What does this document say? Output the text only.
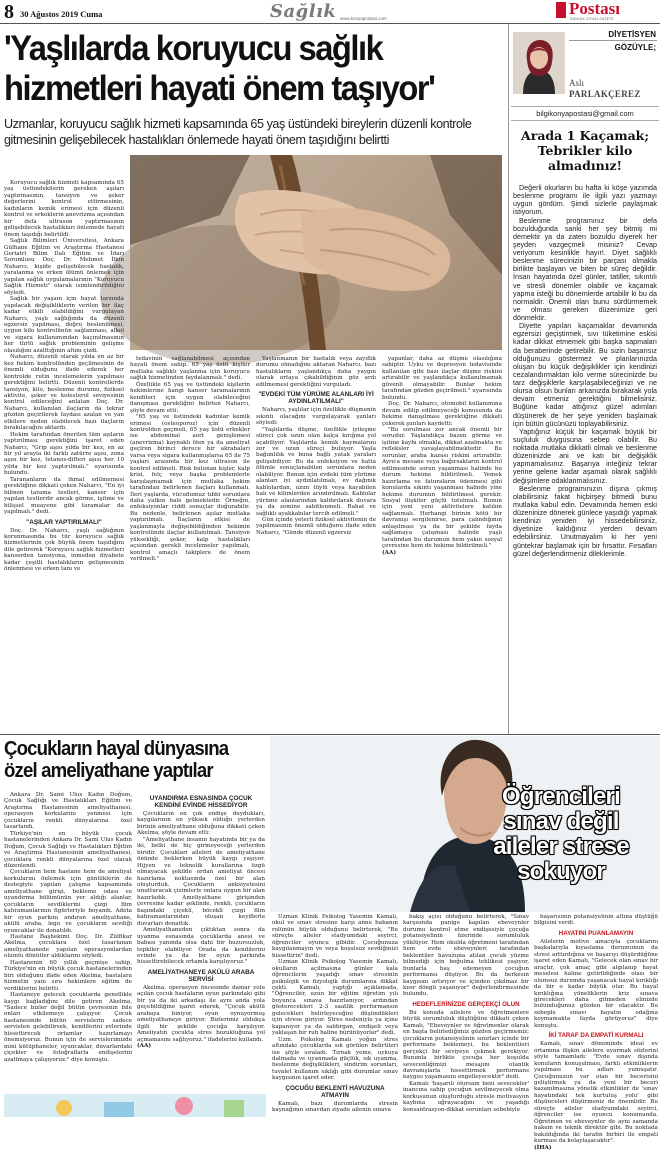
8 30 Ağustos 2019 Cuma	Sağlık www.konyapostasi.com
Postası
GÜNLÜK SİYASİ GAZETE
'Yaşlılarda koruyucu sağlık
hizmetleri hayati önem taşıyor'
Uzmanlar, koruyucu sağlık hizmeti kapsamında 65 yaş üstündeki bireylerin düzenli kontrole gitmesinin gelişebilecek hastalıkları önlemede hayati önem taşıdığını belirtti

Koruyucu sağlık hizmeti kapsamında 65 yaş üstündekilerin gereken aşıları yaptırmasının, tansiyon ve şeker değerlerini kontrol ettirmesinin, kadınların kemik erimesi için düzenli kontrol ve erkeklerin anevrizma açısından bir defa ultrason yaptırmasının gelişebilecek hastalıkları önlemede hayati önem taşıdığı belirtildi.

Sağlık Bilimleri Üniversitesi, Ankara Gülhane Eğitim ve Araştırma Hastanesi Geriatri Bilim Dalı Eğitim ve İdari Sorumlusu Doç. Dr. Mehmet İlkin Naharcı, kişide gelişebilecek hastalık, yaralanma ve erken ölümü önlemek için yapılan sağlık uygulamalarının "Koruyucu Sağlık Hizmeti" olarak isimlendirildiğini söyledi.

Sağlık bir yaşam için hayat tarzında yapılacak değişikliklerin verilen bir ilaç kadar etkili olabildiğini vurgulayan Naharcı, yaşlı sağlığında da düzenli egzersiz yapılması, doğru beslenilmesi, uygun kilo kontrolünün sağlanması, alkol ve sigara kullanımından kaçınılmasının her türlü sağlık probleminin gelişme olasılığını azalttığının altını çizdi.

Naharcı, düzenli olarak yılda en az bir kez hekim kontrolünden geçilmesinin de önemli olduğunu ifade ederek her kontrolde rutin incelemelerin yapılması gerektiğini belirtti. Düzenli kontrollerde tansiyon, kilo, beslenme durumu, fiziksel aktivite, şeker ve kolesterol seviyesinin kontrol edileceğini anlatan Doç. Dr. Naharcı, kullanılan ilaçların da tekrar gözden geçirilerek faydası azalan ve yan etkilere neden olabilecek bazı ilaçların bırakılacağını aktardı.

Hekim tarafından önerilen tüm aşıların yaptırılması gerektiğini işaret eden Naharcı, "Grip aşısı yılda bir kez, en az bir yıl arayla iki farklı zatürre aşısı, zona aşısı bir kez, tetanos-difteri aşısı her 10 yılda bir kez yaptırılmalı." uyarısında bulundu.

Tarananların da ihmal edilmemesi gerektiğine dikkati çeken Naharcı, "En iyi bilinen tarama testleri, kanser için yapılan testlerdir ancak görme, işitme ve bilişsel muayene gibi taramalar da yapılmalı." dedi.

"AŞILAR YAPTIRILMALI"

Doç. Dr. Naharcı, yaşlı sağlığının korunmasında bu tür koruyucu sağlık hizmetlerinin çok büyük önem taşıdığını dile getirerek "Koruyucu sağlık hizmetleri kanserden tansiyona, inmeden diyabete kadar çeşitli hastalıkların gelişmesinin önlenmesi ve erken tanı ve

tedavinin sağlanabilmesi açısından hayati önem sahip. 65 yaş üstü kişiler mutlaka sağlıklı yaşlanma için koruyucu sağlık hizmetinden faydalanmalı." dedi.

Özellikle 65 yaş ve üstündeki kişilerin hekimlerine hangi kanser taramalarının kendileri için uygun olabileceğini danışması gerektiğini belirten Naharcı, şöyle devam etti:

"65 yaş ve üstündeki kadınlar kemik erimesi (osteoporoz) için düzenli kontrolden geçmeli, 65 yaş üstü erkekler ise abdominal aort genişlemesi (anevrizma) kaynaklı ölen ya da ameliyat geçiren birinci derece bir akrabaları varsa veya sigara kullanmışlarsa 65 ile 75 yaşları arasında bir kez ultrason ile kontrol edilmeli. Risk bulunan kişler, kalp krizi, felç veya başka problemlerle karşılaşmamak için mutlaka hekim tarafından belirlenen ilaçları kullanmalı. İleri yaşlarda, vücudumuz tıbbi sorunlara daha yatkın hale gelmektedir. Örneğin, enfeksiyonlar ciddi sonuçlar doğurabilir. Bu nedenle, belirlenen aşılar mutlaka yaptırılmalı. İlaçların etkisi de yaşlanmayla değişebildiğinden hekimin kontrolünde ilaçlar kullanılmalı. Tansiyon yüksekliği, şeker, kalp hastalıkları açısından gerekli incelemeler yapılmalı, kontrol amaçlı takiplere de önem verilmeli."

Yaşlanmanın bir hastalık veya zayıflık durumu olmadığını aktaran Naharcı, bazı hastalıkların yaşlandıkça daha yaygın olarak ortaya çıkabildiğinin göz ardı edilmemesi gerektiğini vurguladı.

"EVDEKİ TÜM YÜRÜME ALANLARI İYİ AYDINLATILMALI"

Naharcı, yaşlılar için özellikle düşmenin sıkıntı olacağını vurgulayarak şunları söyledi:

"Yaşlılarda düşme, özellikle iyileşme süreci çok uzun olan kalça kırığına yol açabiliyor. Yaşlılarda kemik kaymalarını zor ve uzun süreçi buluyor. Yaşla bağımlılık ve buna bağlı yatak yaraları gelişebiliyor. Bu da enfeksiyon ve hatta ölümle sonuçlanabilen sorunlara neden olabiliyor. Bunun için evdeki tüm yürüme alanları iyi aydınlatılmalı, ev dağınık kablolardan, uzun tüylü veya kayabilen halı ve kilimlerden arındırılmalı. Kablolar yürüme alanlarından kaldırılarak duvara ya da zemine sabitlenmeli. Rahat ve sağlıklı ayakkabılar tercih edilmeli."

Gün içinde yeterli fiziksel aktivitenin de yapılmasının önemli olduğunu ifade eden Naharcı, "Günde düzenli egzersiz

yapanlar, daha az düşme olasılığına sahiptir. Uyku ve depresyon tedavisinde kullanılan gibi bazı ilaçlar düşme riskini artırabilir ve yaşlandıkça kullanılmamak güvenli olmayabilir. Bunlar hekim tarafından gözden geçirilmeli." uyarısında bulundu.

Doç. Dr. Naharcı, otomobil kullanımına devam edilip edilmeyeceği konusunda da hekime danışılması gerektiğine dikkati çekerek şunları kaydetti:

"Bu sorulması zor ancak önemli bir sorudur. Yaşlandıkça bazen görme ve işitme kaybı olmakla, dikkat azalmakta ve refleksler yavaşlayabilmektedir. Bu sorunlar, araba kazası riskini artırabilir. Ayrıca mesane veya bağırsakların kontrol edilmesinde sorun yaşanması halinde bu durum hekime bildirilmeli. Yemek hazırlama ve faturaların ödenmesi gibi konularda sıkıntı yaşanması halinde yine hekime durumun bildirilmesi gerekir. Sosyal ilişkiler güçlü tutulmalı. Bunun için yeni yeni aktivitelere katılım sağlanmalı. Herhangi birinin kötü bir davranışı sergilenirse, para çalındığının anlaşılması ya da bir şekilde fayda sağlamaya çalışması halinde yaşlı tarafından bu durumun hem yakın sosyal çevresine hem de hekime bildirilmeli."

(AA)

DİYETİSYEN
GÖZÜYLE;
Aslı
PARLAKÇEREZ
bilgikonyapostasi@gmail.com
Arada 1 Kaçamak; Tebrikler kilo almadınız!

Değerli okurların bu hafta ki köşe yazımda beslenme programı ile ilgili yazı yazmayı uygun gördüm. Şimdi sizlerle paylaşmak istiyorum.

Beslenme programınız bir defa bozulduğunda sanki her şey bitmiş mi demektir ya da zaten bozuldu diyerek her şeyden vazgeçmeli misiniz? Cevap veriyorum kesinlikle hayır!. Diyet sağlıklı beslenme sürecinizin bir parçası olmakla birlikte başlayan ve biten bir süreç değildir. İnsan hayatında özel günler, tatiller, sıkıntılı ve stresli dönemler olabilir ve kaçamak yapma isteği bu dönemlerde artabilir ki bu da normaldir. Önemli olan bunu sürdürmemek ve olması gereken düzenimize geri dönmektir.

Diyette yapılan kaçamaklar devamında egzersizi geçiştirmek, sıvı tüketimine eskisi kadar dikkat etmemek gibi başka sapmaları da beraberinde getirebilir. Bu sizin başarısız olduğunuzu göstermez ve planlarınızda oluşan bu küçük değişiklikler için kendinizi cezalandırmaktan kilo verme sürecinizde bu tarz değişiklerle karşılaşabileceğinizi ve ne olursa olsun bunları arkanızda bırakarak yola devam etmeniz gerektiğini bilmelisiniz. Buğüne kadar attığınız güzel adımları düşünerek de her şeye yeniden başlamak için bütün gücünüzü toplayabilirsiniz.

Yaptığınız küçük bir kaçamak büyük bir suçluluk duygusuna sebep olabilir. Bu noktada mutlaka dikkatli olmalı ve beslenme düzeninizde ani ve katı bir değişiklik yapmamalısınız. Başarıya inteğiniz tekrar yerine gelene kadar aşamalı olarak sağlıklı değişimlere odaklanmalısınız.

Beslenme programınızın dışına çıkmış olabilirsiniz fakat hiçbirşey bitmedi bunu mutlaka kabul edin. Devamında hemen eski düzeninize dönerek günlece yaşıdığı yapmak kendinizi yeniden iyi hissedebilirsiniz, diyetinize kaldığınız yerden devam edebilirsiniz. Unutmayalım ki her yeni güntekrar başlamak için bir fırsattır. Fırsatları güzel değerlendirmeniz dileklerimle.

Çocukların hayal dünyasına
özel ameliyathane yaptılar

Ankara Dr. Sami Ulus Kadın Doğum, Çocuk Sağlığı ve Hastalıkları Eğitim ve Araştırma Hastanesinin ameliyathanesi, operasyon korkularını yenmesi için çocukların renkli dünyalarına özel tasarlandı.

Türkiye'nin en büyük çocuk hastanelerinden Ankara Dr. Sami Ulus Kadın Doğum, Çocuk Sağlığı ve Hastalıkları Eğitim ve Araştırma Hastanesinin ameliyathanesi, çocuklara renkli dünyalarına özel olarak düzenlendi.

Çocukların hem hastane hem de ameliyat korkularını önlemek için günlüklerin de destegiyle yapılan çalışma kapsamında ameliyathane girişi, bekleme odası ve uyandırma bölümünün yer aldığı alanlar, çocukların sevdiklerini çizgi film kahramanlarının figürleriyle boyandı. Adeta bir oyun parkını andıran ameliyathane, akülü araba, lego ve çocukların sevdiği oyuncaklar ile donatıldı.

Hastane Başhekimi Doç. Dr. Zülfikar Akelma, çocuklara özel tasarlanan ameliyathanede yapılan operasyonlardan olumlu dönütler aldıklarını söyledi.

Hastanenin 60 yıllık geçmişe sahip, Türkiye'nin en büyük çocuk hastanelerinden biri olduğunu ifade eden Akelma, hastalara hizmetin yanı sıra hekimlere eğitim de verdiklerini belirtti.

Hastaneye gelecek çocuklarda genellikle kaygı bağladığını dile getiren Akelma, "Sadece bizler değil bütün çevresinin bile onları etkilemeye çalışıyor. Çocuk hastanesinde bütün servislerin sadece servisten gelebilirsek, kendilerini evlerinde hissettirecek ortamlar hazırlamayı önemsiyoruz. Bunun için de servislerimizde mini kütüphaneler, oyuncaklar, duvarlardaki çiçekler ve fotoğraflarla endişelerini azaltmaya çalışıyoruz." diye konuştu.

UYANDIRMA ESNASINDA ÇOCUK KENDİNİ EVİNDE HİSSEDİYOR

Çocukların en çok endişe duydukları, kaygılarının en yüksek olduğu yerlerden birinin ameliyathane olduğuna dikkati çeken Akelma, şöyle devam etti:

"Ameliyathane insanın hayatında bir ya da iki, belki de hiç girmeyeceği yerlerden biridir. Çocukları aileleri de ameliyathane önünde beklerken büyük kaygı yaşıyor. Hijyen ve teknolik kurallarına özgü olmayacak şekilde ordan ameliyat öncesi hazırlama noktasında özel bir alan oluşturduk. Çocukların anksiyetesini unutturacak çizimlerle onlara uygun bir alan hazırladık. Ameliyathane girişinden çevresine kadar şeklinde, renkli, çocukların başındaki çiçekli, böcekli çizgi film kahramanlarından oluşan keyiflerle duvarları donattık.

Ameliyathaneden çıktıktan sonra da uyanma esnasında çocuklarda anesi ve babası yanında olsa dahi bir huzursuzluk, tepkiler olabiliyor. Orada da kendilerini evinde ya da bir oyun parkında hissettirebilecek ortamla karşılıyoruz."

AMELİYATHANEYE AKÜLÜ ARABA SERVİSİ

Akelma, operasyon öncesinde damar yolu açılan çocuk hastaların oyun parkındaki gibi bir ya da iki arkadaşı ile aynı anda yola geçebildiğine işaret ederek, "Çocuk akülü arabaya biniyor, oyun oynuyormuş ameliyathaneye giriyor. Bizlerimiz oldukça ilgili bir şekilde çocuğa karşılıyor. Ameliyatın çocukta stres bozukluğuna yol açmamasını sağlıyoruz." ifadelerini kullandı.

(AA)

Öğrencileri
sınav değil
aileler strese
sokuyor

Uzman Klinik Psikolog Yasemin Kamalı, okul ve sınav stresine karşı anne babanın rolünün büyük olduğunu belirterek, "Bu süreçte aileler stadyumdaki seyirci, öğrenciler oyuncu gibidir. Çocuğunuza kaygılanmayın ve veya koşulsuz sevdiğinizi hissettirin" dedi.

Uzman Klinik Psikolog Yasemin Kamalı, okulların açılmasına günler kala öğrencilerin yaşadığı sınav stresinin psikolojik ve fizyolojik durumlarına dikkat çekti. Kamalı, yaptığı açıklamada, "Öğrenciler, uzun bir eğitim öğretim yılı boyunca sınava hazırlanıyor, ardından gösterecekleri 2-3 saatlik performansın gelecekleri belirleyeceğini düşündükleri için strese giriyor. Stres nedeniyle ya içine kapanıyor ya da saldırgan, endişeli veya yaklaşan bir ruh haline bürünüyorlar" dedi.

Uzm. Psikolog Kamalı yoğun stres altındaki çocuklarda sık görülen belirtileri ise şöyle sıraladı: Tırnak yeme, uykuya dalmada ve uyanmada güçlük, sık uyanma, beslenme değişiklikleri, sindirim sorunları, tuvalet kullanım sıklığı gibi durumlar sınav kaygısının işaret eder.

ÇOCUĞU BEKLENTİ HAVUZUNA ATMAYIN

Kamalı, bazı durumlarda stresin kaynağının sınavdan ziyade ailenin sınava

bakış açısı olduğunu belirterek, "Sınav karşısında panige kapılan ebeveynler durumu kontrol etme endişesiyle çocuğa potansiyelinin üzerinde sorumluluk yüklüyor. Hem okulda öğretmeni tarafından hem evde ebeveynleri tarafından beklentiler havuzuna atılan çocuk yüzme bilmediği için boğulma tehlikesi yaşıyor, bunlarla baş edemeyen çocuğun performansı düşüyor. Bu da herkesin kaygısını artırıyor ve içinden çıkılmaz bir kısır döngü yaşanıyor" değerlendirmesinde bulundu.

HEDEFLERİNİZDE GERÇEKÇİ OLUN

Bu konuda ailelere ve öğretmenlere büyük sorumluluk düştüğüne dikkati çeken Kamalı, "Ebeveynler ve öğretmenler olarak en başta belirlediğimiz gözden geçirmemiz; çocukların potansiyelinin sınırları içinde bir performans beklemeyi, bu beklentileri gerçekçi bir seviyeye çekmek gerekiyor. Bununla birlikte çocuğa her koşulda sevecenliğimizi mesajını otantik davranışlarla hissettirmek performans kaygısı yaşamasını engelleyecektir" dedi.

Kamalı 'başarılı olursam beni sevecekler' inancına sahip çocuğun sevilmeyecek olma korkusunun oluşturduğu stresle motivasyon kaybına uğrayacağını ve yaşadığı konsantrasyon-dikkat sorunları sebebiyle

başarısının potansiyelinin altına düştüğü bilgisini verdi.

HAYATINI PUANLAMAYIN

Ailelerin motive amacıyla çocuklarını başkalarıyla kıyaslama durumunun da stresi arttırdığına ve başarıyı düşürdüğüne işaret eden Kamalı, "Gelecek olan sınav bir araçtır, çok amaç gibi algılanıp hayat meselesi haline getirildiğinde olası bir olumsuz durumda yaşanacak hayal kırıklığı da bir o kadar büyük olur. Bu hayal kırıklığına yöneliklerin kriz sınava girecekleri daha gitmeden elinizde bulunduğunuz gözden bir olacaktır. Bu sebeple sınavı hayatın odağına koymamakta fayda görüyoruz" diye konuştu.

İKİ TARAF DA EMPATİ KURMALI

Kamalı, sınav döneminde ideal ev ortamına ilişkin ailelere uyarmak sözlerini şöyle tamamladı: "Evde sınav dışında konuların konuşulması, farklı etkinliklerin yapılması bu adları yumuşatır. Çocuğunuzun var olan bir becerisini geliştirmek ya da yeni bir beceri kazanılmasına yönelik etkinlikler de 'sınav hayatındaki tek kurtuluş yolu' gibi düşünceleri düşürmeniz de önemlidir. Bu süreçte aileler stadyumdaki seyirci, öğrenciler ise oyuncu konumunda. Öğretmen ve ebeveynler de aynı zamanda hakem ve teknik direktör gibi. Bu noktada bakıldığında iki tarafın birbiri ile empati kurması da kolaylaşacaktır".

(İHA)
